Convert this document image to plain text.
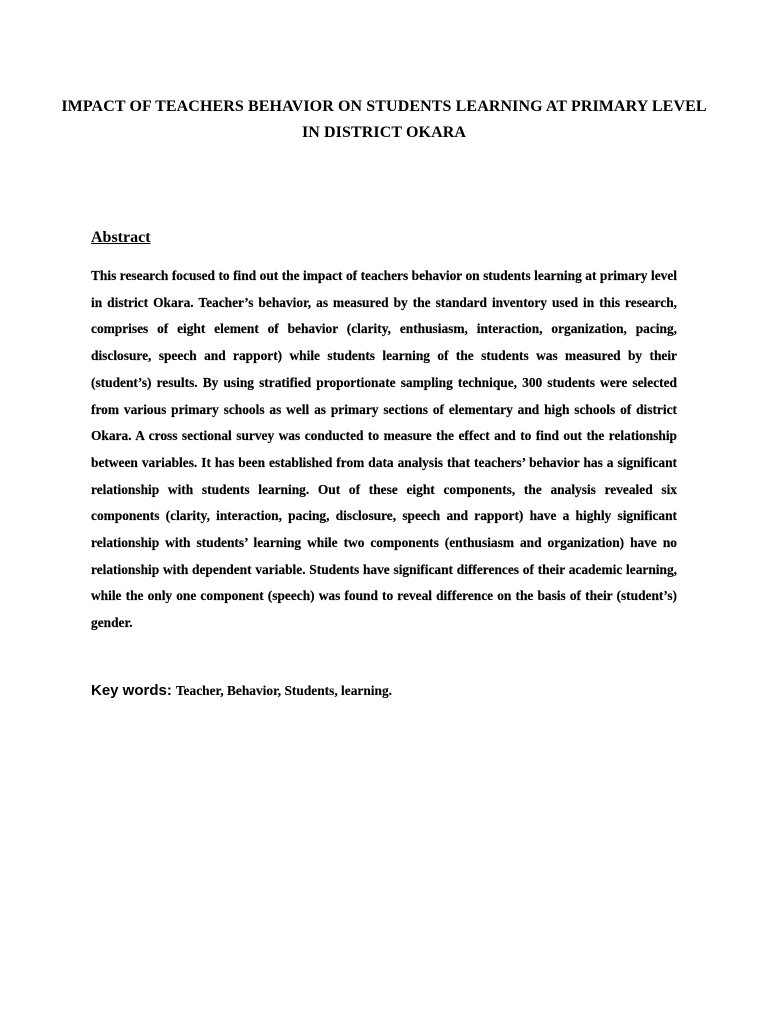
IMPACT OF TEACHERS BEHAVIOR ON STUDENTS LEARNING AT PRIMARY LEVEL IN DISTRICT OKARA
Abstract
This research focused to find out the impact of teachers behavior on students learning at primary level in district Okara. Teacher’s behavior, as measured by the standard inventory used in this research, comprises of eight element of behavior (clarity, enthusiasm, interaction, organization, pacing, disclosure, speech and rapport) while students learning of the students was measured by their (student’s) results. By using stratified proportionate sampling technique, 300 students were selected from various primary schools as well as primary sections of elementary and high schools of district Okara. A cross sectional survey was conducted to measure the effect and to find out the relationship between variables. It has been established from data analysis that teachers’ behavior has a significant relationship with students learning. Out of these eight components, the analysis revealed six components (clarity, interaction, pacing, disclosure, speech and rapport) have a highly significant relationship with students’ learning while two components (enthusiasm and organization) have no relationship with dependent variable. Students have significant differences of their academic learning, while the only one component (speech) was found to reveal difference on the basis of their (student’s) gender.
Key words: Teacher, Behavior, Students, learning.
